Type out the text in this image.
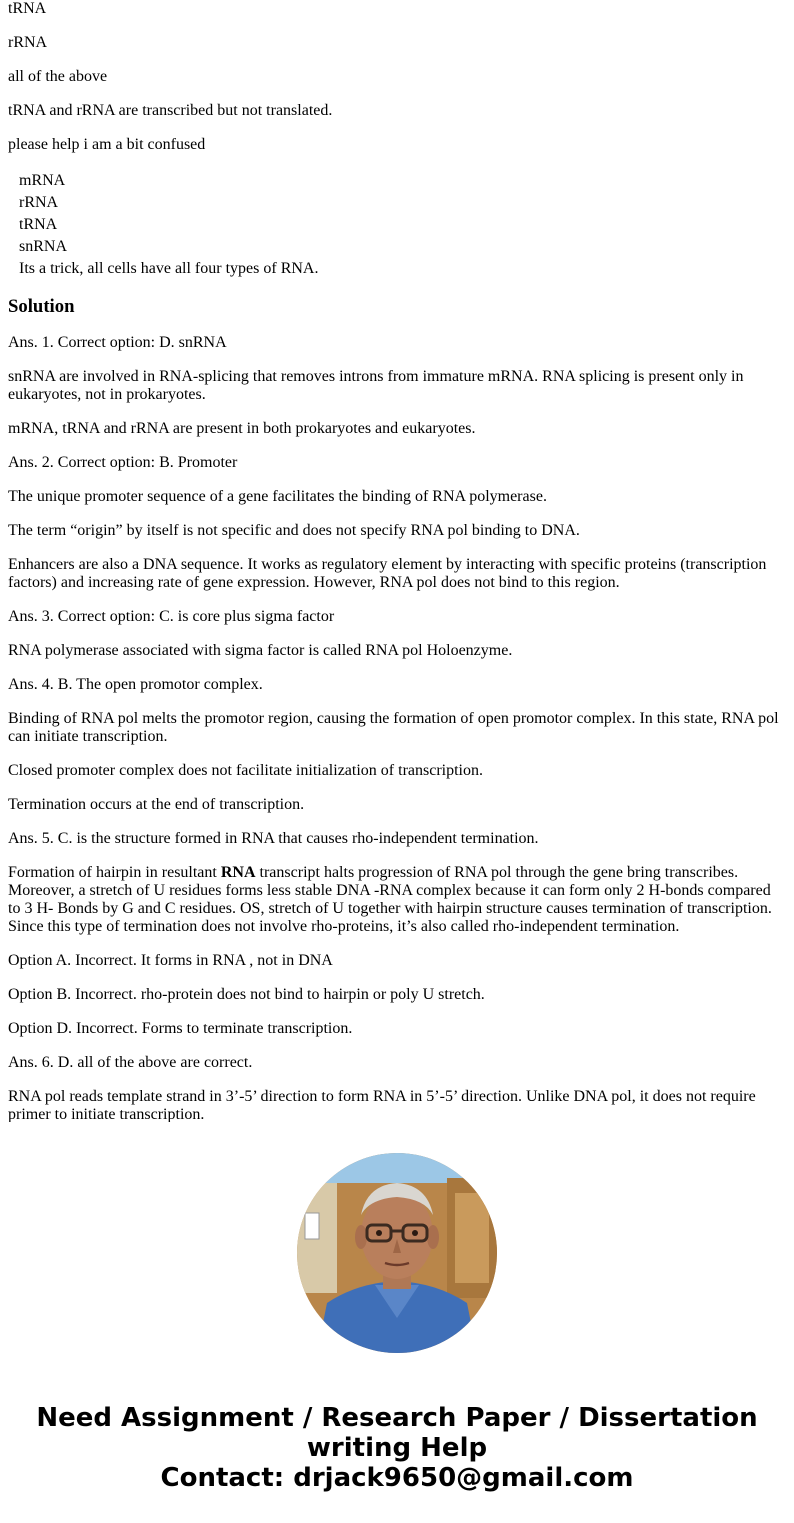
tRNA

rRNA

all of the above

tRNA and rRNA are transcribed but not translated.

please help i am a bit confused

mRNA
rRNA
tRNA
snRNA
Its a trick, all cells have all four types of RNA.
Solution

Ans. 1. Correct option: D. snRNA

snRNA are involved in RNA-splicing that removes introns from immature mRNA. RNA splicing is present only in eukaryotes, not in prokaryotes.

mRNA, tRNA and rRNA are present in both prokaryotes and eukaryotes.

Ans. 2. Correct option: B. Promoter

The unique promoter sequence of a gene facilitates the binding of RNA polymerase.

The term “origin” by itself is not specific and does not specify RNA pol binding to DNA.

Enhancers are also a DNA sequence. It works as regulatory element by interacting with specific proteins (transcription factors) and increasing rate of gene expression. However, RNA pol does not bind to this region.

Ans. 3. Correct option: C. is core plus sigma factor

RNA polymerase associated with sigma factor is called RNA pol Holoenzyme.

Ans. 4. B. The open promotor complex.

Binding of RNA pol melts the promotor region, causing the formation of open promotor complex. In this state, RNA pol can initiate transcription.

Closed promoter complex does not facilitate initialization of transcription.

Termination occurs at the end of transcription.

Ans. 5. C. is the structure formed in RNA that causes rho-independent termination.

Formation of hairpin in resultant RNA transcript halts progression of RNA pol through the gene bring transcribes. Moreover, a stretch of U residues forms less stable DNA -RNA complex because it can form only 2 H-bonds compared to 3 H- Bonds by G and C residues. OS, stretch of U together with hairpin structure causes termination of transcription. Since this type of termination does not involve rho-proteins, it’s also called rho-independent termination.

Option A. Incorrect. It forms in RNA , not in DNA

Option B. Incorrect. rho-protein does not bind to hairpin or poly U stretch.

Option D. Incorrect. Forms to terminate transcription.

Ans. 6. D. all of the above are correct.

RNA pol reads template strand in 3’-5’ direction to form RNA in 5’-5’ direction. Unlike DNA pol, it does not require primer to initiate transcription.

Need Assignment / Research Paper / Dissertation
writing Help
Contact: drjack9650@gmail.com
